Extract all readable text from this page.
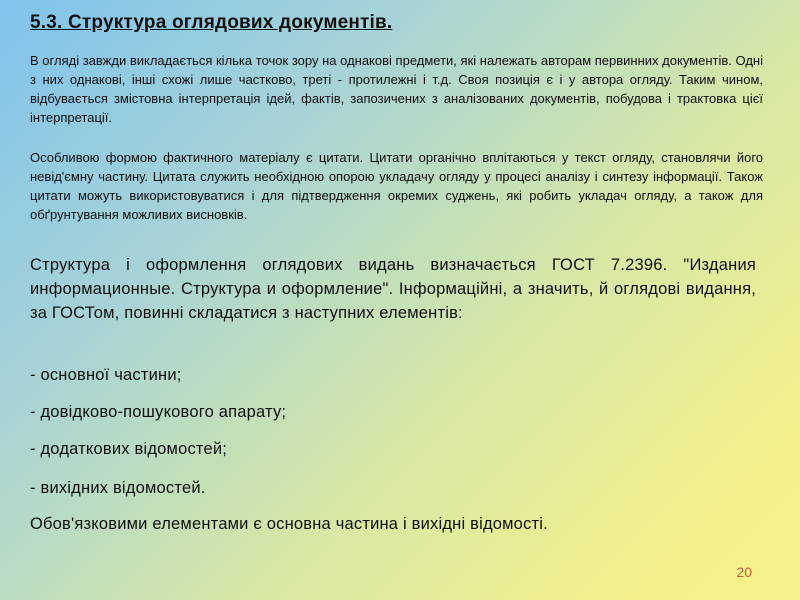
5.3. Структура оглядових документів.

В огляді завжди викладається кілька точок зору на однакові предмети, які належать авторам первинних документів. Одні з них однакові, інші схожі лише частково, треті - протилежні і т.д. Своя позиція є і у автора огляду. Таким чином, відбувається змістовна інтерпретація ідей, фактів, запозичених з аналізованих документів, побудова і трактовка цієї інтерпретації.

Особливою формою фактичного матеріалу є цитати. Цитати органічно вплітаються у текст огляду, становлячи його невід'ємну частину. Цитата служить необхідною опорою укладачу огляду у процесі аналізу і синтезу інформації. Також цитати можуть використовуватися і для підтвердження окремих суджень, які робить укладач огляду, а також для обґрунтування можливих висновків.

Структура і оформлення оглядових видань визначається ГОСТ 7.2396. "Издания информационные. Структура и оформление". Інформаційні, а значить, й оглядові видання, за ГОСТом, повинні складатися з наступних елементів:

- основної частини;

- довідково-пошукового апарату;

- додаткових відомостей;

- вихідних відомостей.

Обов'язковими елементами є основна частина і вихідні відомості.

20
